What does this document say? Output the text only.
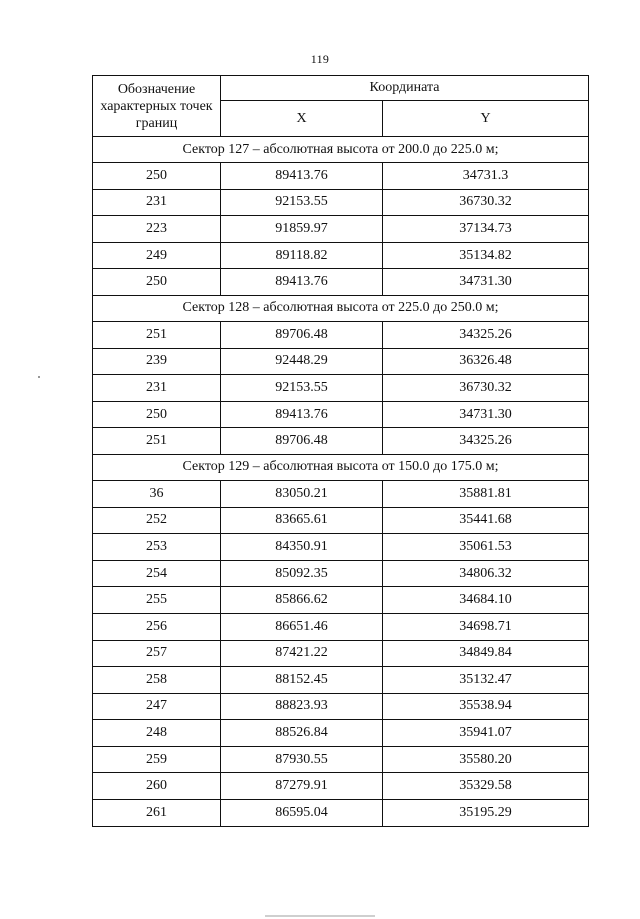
119
Обозначение характерных точек границ	Координата	
	X	Y
Сектор 127 – абсолютная высота от 200.0 до 225.0 м;		
250	89413.76	34731.3
231	92153.55	36730.32
223	91859.97	37134.73
249	89118.82	35134.82
250	89413.76	34731.30
Сектор 128 – абсолютная высота от 225.0 до 250.0 м;		
251	89706.48	34325.26
239	92448.29	36326.48
231	92153.55	36730.32
250	89413.76	34731.30
251	89706.48	34325.26
Сектор 129 – абсолютная высота от 150.0 до 175.0 м;		
36	83050.21	35881.81
252	83665.61	35441.68
253	84350.91	35061.53
254	85092.35	34806.32
255	85866.62	34684.10
256	86651.46	34698.71
257	87421.22	34849.84
258	88152.45	35132.47
247	88823.93	35538.94
248	88526.84	35941.07
259	87930.55	35580.20
260	87279.91	35329.58
261	86595.04	35195.29
